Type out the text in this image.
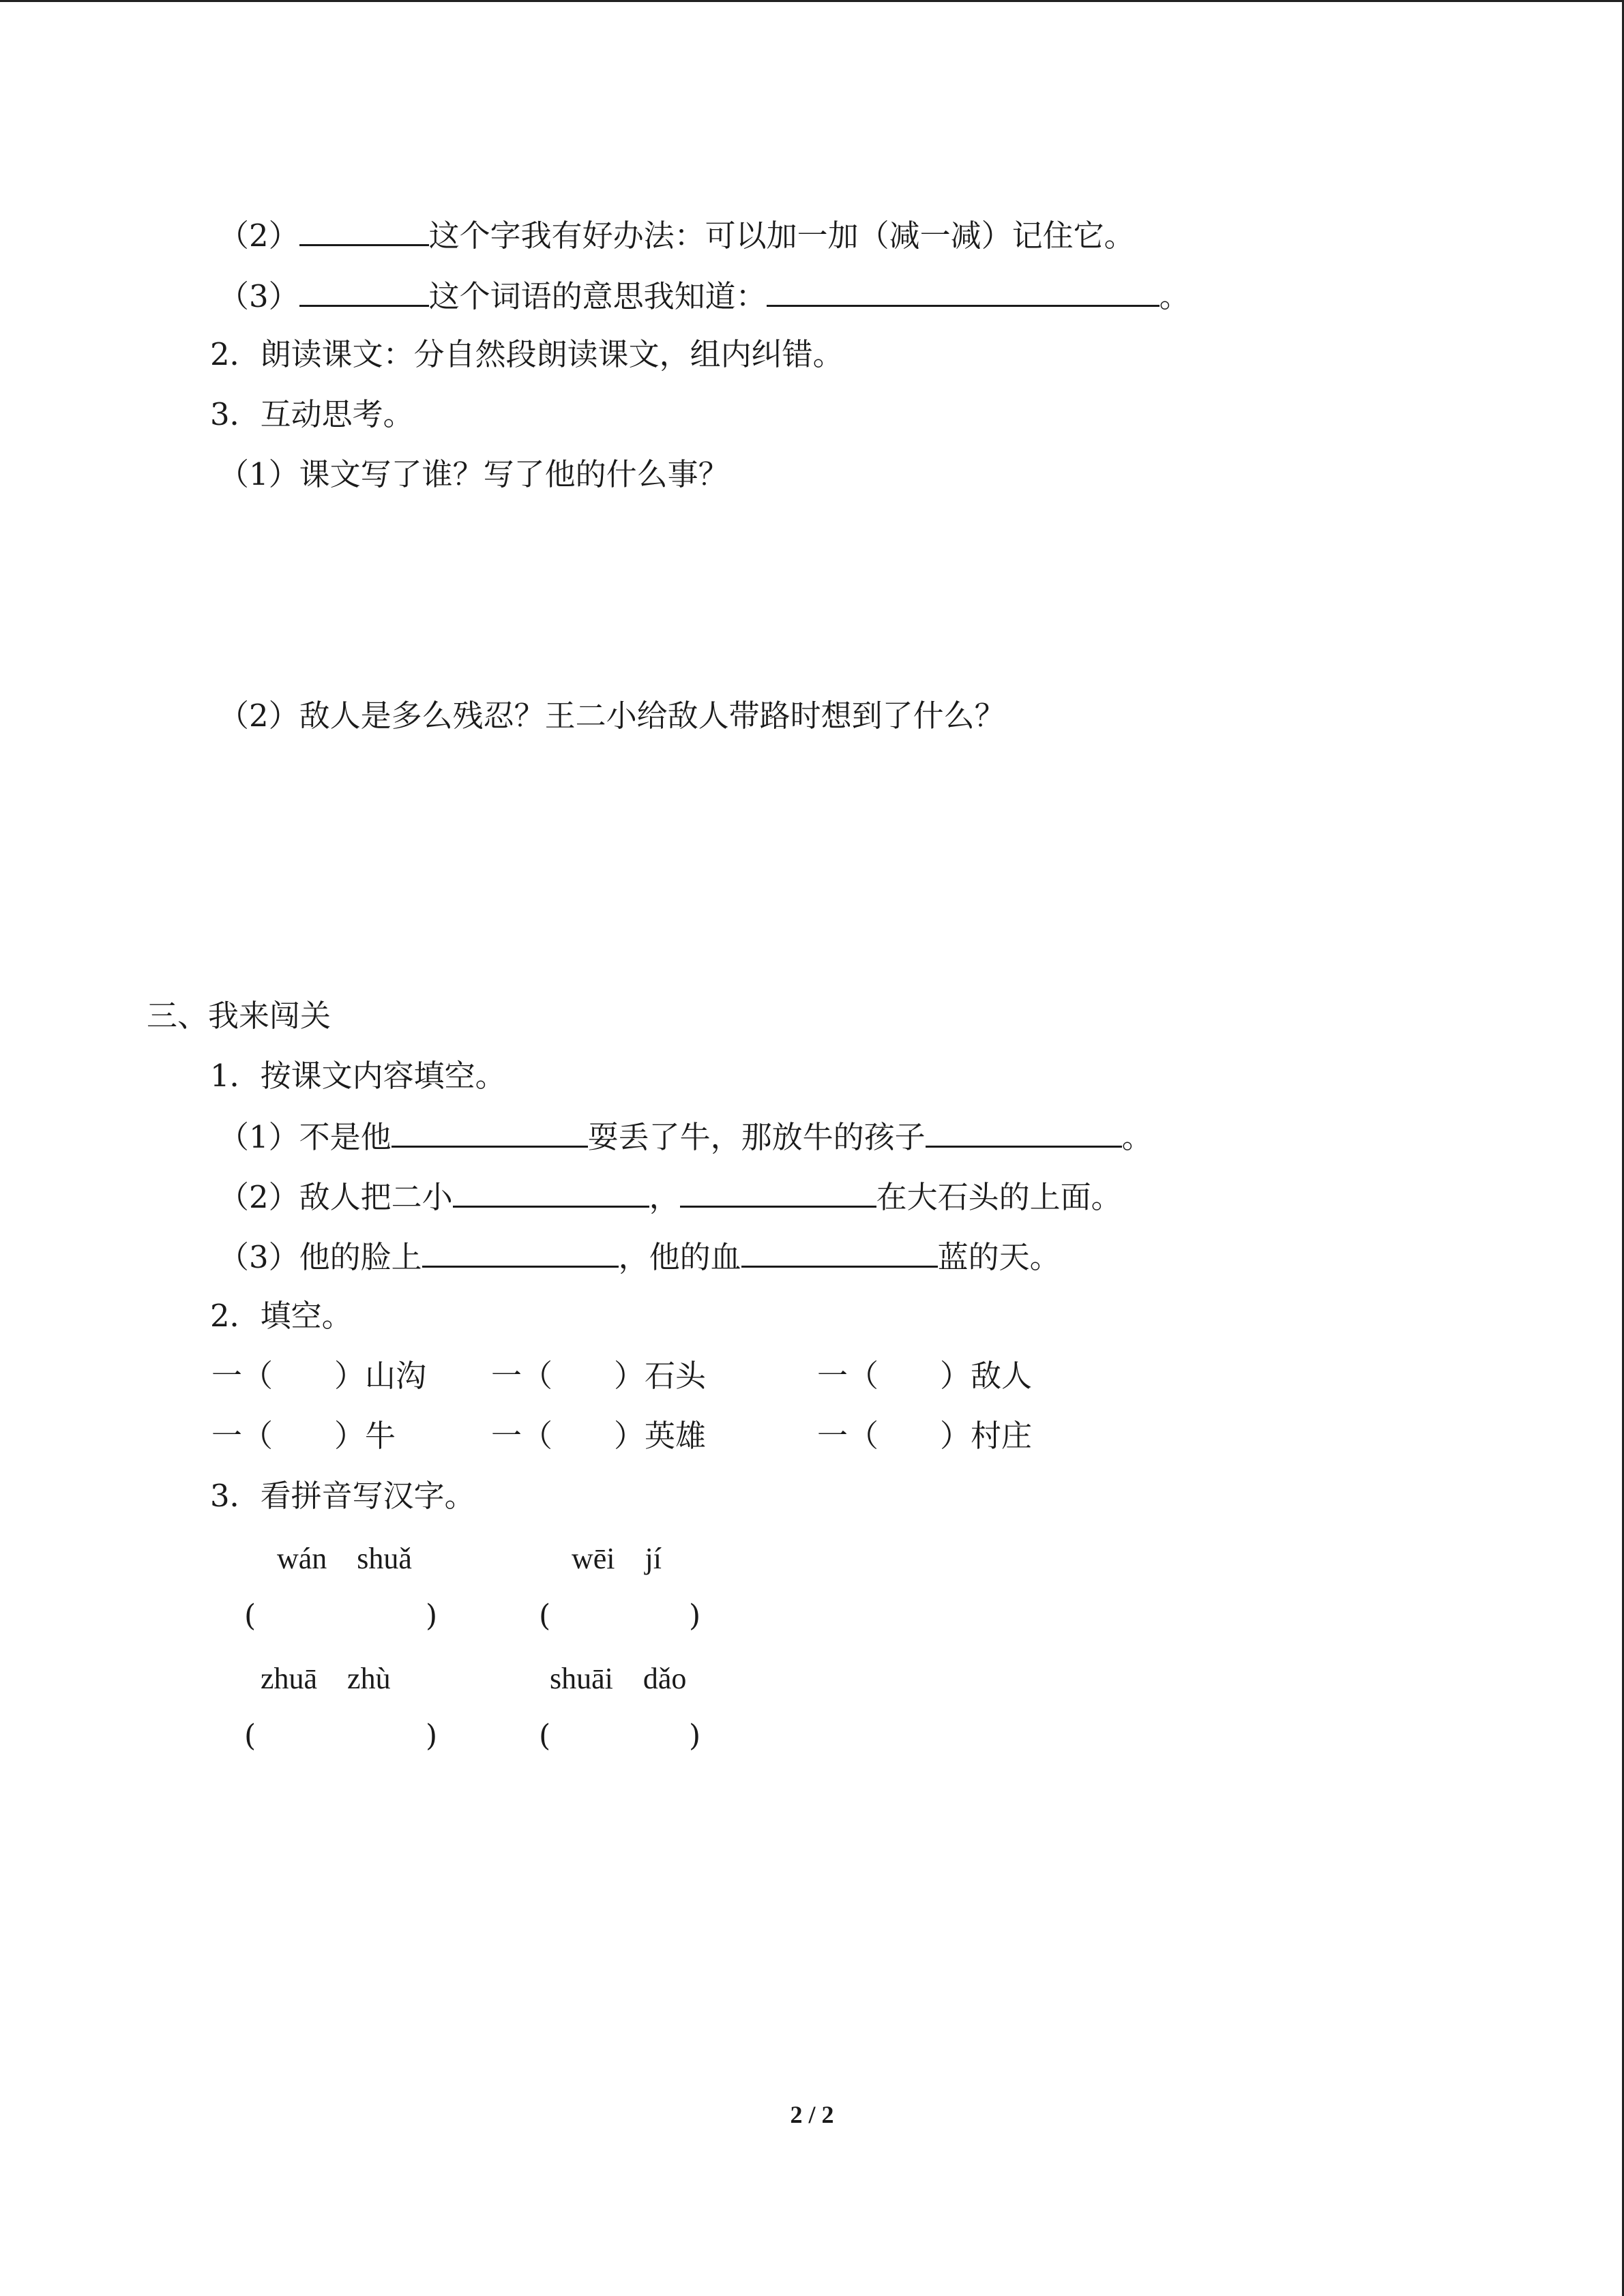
（2）	这个字我有好办法：可以加一加（减一减）记住它。
（3）	这个词语的意思我知道：	。
2．朗读课文：分自然段朗读课文，组内纠错。
3．互动思考。
（1）课文写了谁？写了他的什么事？
（2）敌人是多么残忍？王二小给敌人带路时想到了什么？
三、我来闯关
1．按课文内容填空。
（1）不是他	耍丢了牛，那放牛的孩子	。
（2）敌人把二小	，	在大石头的上面。
（3）他的脸上	，他的血	蓝的天。
2．填空。
一（　　）山沟 一（　　）石头	一（　　）敌人
一（　　）牛	一（　　）英雄	一（　　）村庄
3．看拼音写汉字。
wán　shuǎ	wēi　jí
(	)	(	)
zhuā　zhù	shuāi　dǎo
(	)	(	)
2 / 2
